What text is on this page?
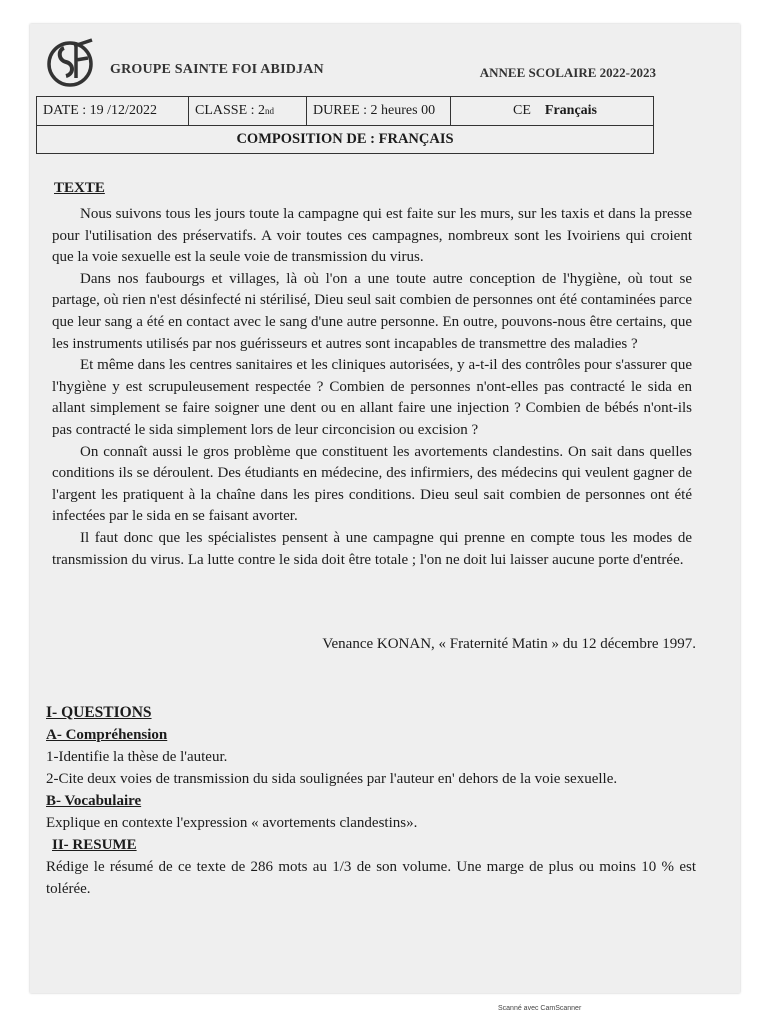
GROUPE SAINTE FOI ABIDJAN	ANNEE SCOLAIRE 2022-2023
DATE : 19 /12/2022	CLASSE : 2 nd	DUREE : 2 heures 00	CE Français
COMPOSITION DE : FRANÇAIS
TEXTE

Nous suivons tous les jours toute la campagne qui est faite sur les murs, sur les taxis et dans la presse pour l'utilisation des préservatifs. A voir toutes ces campagnes, nombreux sont les Ivoiriens qui croient que la voie sexuelle est la seule voie de transmission du virus.

Dans nos faubourgs et villages, là où l'on a une toute autre conception de l'hygiène, où tout se partage, où rien n'est désinfecté ni stérilisé, Dieu seul sait combien de personnes ont été contaminées parce que leur sang a été en contact avec le sang d'une autre personne. En outre, pouvons-nous être certains, que les instruments utilisés par nos guérisseurs et autres sont incapables de transmettre des maladies ?

Et même dans les centres sanitaires et les cliniques autorisées, y a-t-il des contrôles pour s'assurer que l'hygiène y est scrupuleusement respectée ? Combien de personnes n'ont-elles pas contracté le sida en allant simplement se faire soigner une dent ou en allant faire une injection ? Combien de bébés n'ont-ils pas contracté le sida simplement lors de leur circoncision ou excision ?

On connaît aussi le gros problème que constituent les avortements clandestins. On sait dans quelles conditions ils se déroulent. Des étudiants en médecine, des infirmiers, des médecins qui veulent gagner de l'argent les pratiquent à la chaîne dans les pires conditions. Dieu seul sait combien de personnes ont été infectées par le sida en se faisant avorter.

Il faut donc que les spécialistes pensent à une campagne qui prenne en compte tous les modes de transmission du virus. La lutte contre le sida doit être totale ; l'on ne doit lui laisser aucune porte d'entrée.

Venance KONAN, « Fraternité Matin » du 12 décembre 1997.
I- QUESTIONS
A- Compréhension

1-Identifie la thèse de l'auteur.

2-Cite deux voies de transmission du sida soulignées par l'auteur en' dehors de la voie sexuelle.

B- Vocabulaire

Explique en contexte l'expression « avortements clandestins».

II- RESUME

Rédige le résumé de ce texte de 286 mots au 1/3 de son volume. Une marge de plus ou moins 10 % est tolérée.

Scanné avec CamScanner
